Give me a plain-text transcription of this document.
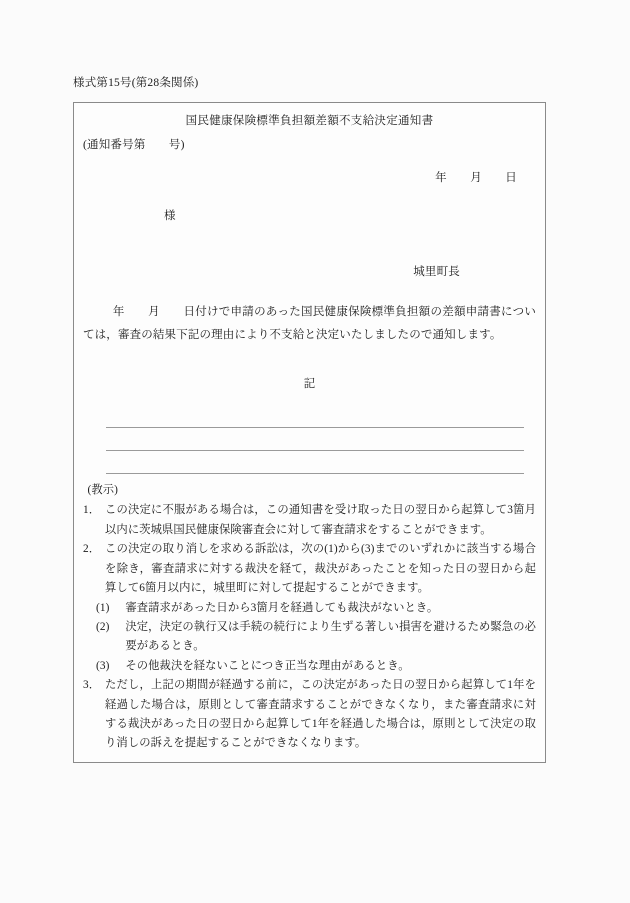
様式第15号(第28条関係)
国民健康保険標準負担額差額不支給決定通知書
(通知番号第　　号)
年　　月　　日
様
城里町長
年　　月　　日付けで申請のあった国民健康保険標準負担額の差額申請書については，審査の結果下記の理由により不支給と決定いたしましたので通知します。
記
(教示)
1． この決定に不服がある場合は，この通知書を受け取った日の翌日から起算して3箇月以内に茨城県国民健康保険審査会に対して審査請求をすることができます。
2． この決定の取り消しを求める訴訟は，次の(1)から(3)までのいずれかに該当する場合を除き，審査請求に対する裁決を経て，裁決があったことを知った日の翌日から起算して6箇月以内に，城里町に対して提起することができます。
(1)	審査請求があった日から3箇月を経過しても裁決がないとき。
(2)	決定，決定の執行又は手続の続行により生ずる著しい損害を避けるため緊急の必要があるとき。
(3)	その他裁決を経ないことにつき正当な理由があるとき。
3． ただし，上記の期間が経過する前に，この決定があった日の翌日から起算して1年を経過した場合は，原則として審査請求することができなくなり，また審査請求に対する裁決があった日の翌日から起算して1年を経過した場合は，原則として決定の取り消しの訴えを提起することができなくなります。
